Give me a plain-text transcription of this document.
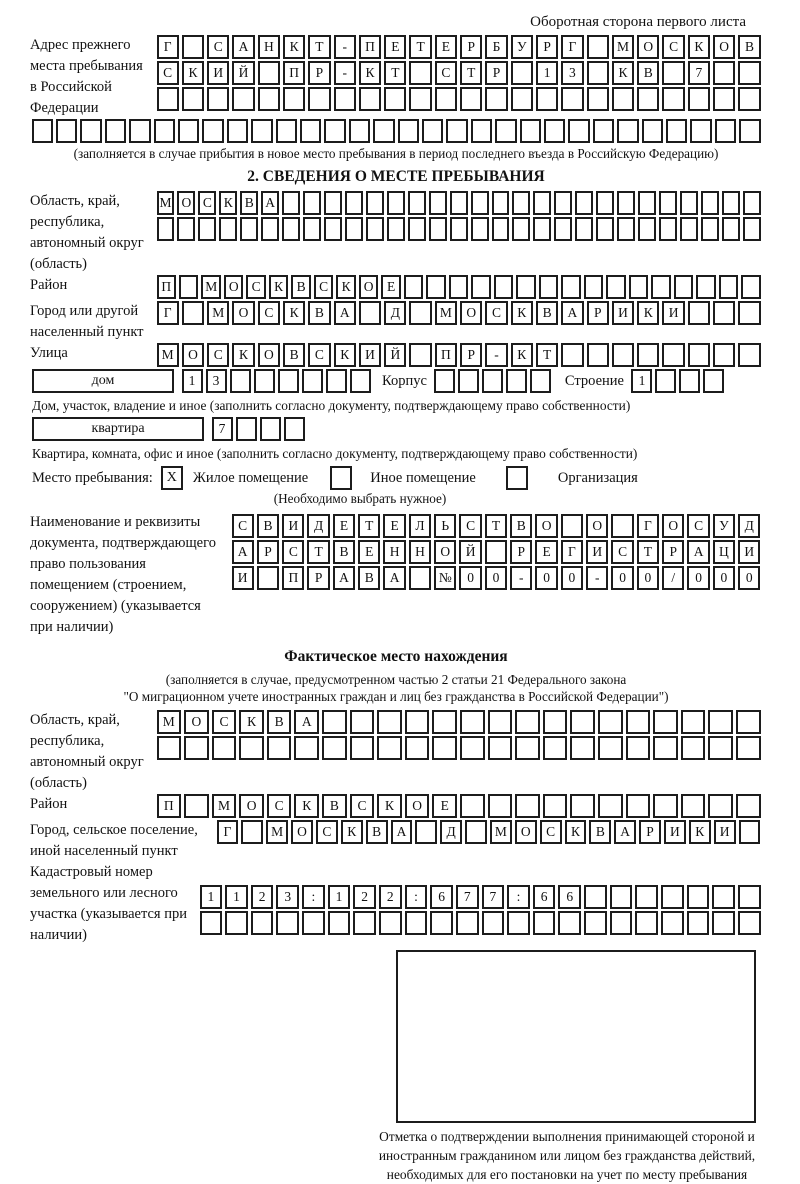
Оборотная сторона первого листа
Адрес прежнего места пребывания в Российской Федерации
Г	С	А	Н	К	Т	-	П	Е	Т	Е	Р	Б	У	Р	Г	М	О	С	К	О	В
С	К	И	Й	П	Р	-	К	Т	С	Т	Р	1	3	К	В	7
(заполняется в случае прибытия в новое место пребывания в период последнего въезда в Российскую Федерацию)
2. СВЕДЕНИЯ О МЕСТЕ ПРЕБЫВАНИЯ
Область, край, республика, автономный округ (область)
М О С К В А
Район	П	М О С К В С К О Е
Город или другой населенный пункт
Г	М	О	С	К	В	А	Д	М	О	С	К	В	А	Р	И	К	И
Улица	М	О	С	К	О	В	С	К	И	Й	П	Р	-	К	Т
дом	1	3	Корпус	Строение	1
Дом, участок, владение и иное (заполнить согласно документу, подтверждающему право собственности)
квартира	7
Квартира, комната, офис и иное (заполнить согласно документу, подтверждающему право собственности)
Место пребывания: X	Жилое помещение	Иное помещение	Организация
(Необходимо выбрать нужное)
Наименование и реквизиты документа, подтверждающего право пользования помещением (строением, сооружением) (указывается при наличии)
С	В	И	Д	Е	Т	Е	Л	Ь	С	Т	В	О	О	Г	О	С	У	Д
А	Р	С	Т	В	Е	Н	Н	О	Й	Р	Е	Г	И	С	Т	Р	А	Ц	И
И	П	Р	А	В	А	№	0	0	-	0	0	-	0	0	/	0	0	0
Фактическое место нахождения
(заполняется в случае, предусмотренном частью 2 статьи 21 Федерального закона
"О миграционном учете иностранных граждан и лиц без гражданства в Российской Федерации")
Область, край, республика, автономный округ (область)
М	О	С	К	В	А
Район	П	М	О	С	К	В	С	К	О	Е
Город, сельское поселение, иной населенный пункт
Г	М	О	С	К	В	А	Д	М	О	С	К	В	А	Р	И	К	И
Кадастровый номер земельного или лесного участка (указывается при наличии)
1	1	2	3	:	1	2	2	:	6	7	7	:	6	6
Отметка о подтверждении выполнения принимающей стороной и иностранным гражданином или лицом без гражданства действий, необходимых для его постановки на учет по месту пребывания
